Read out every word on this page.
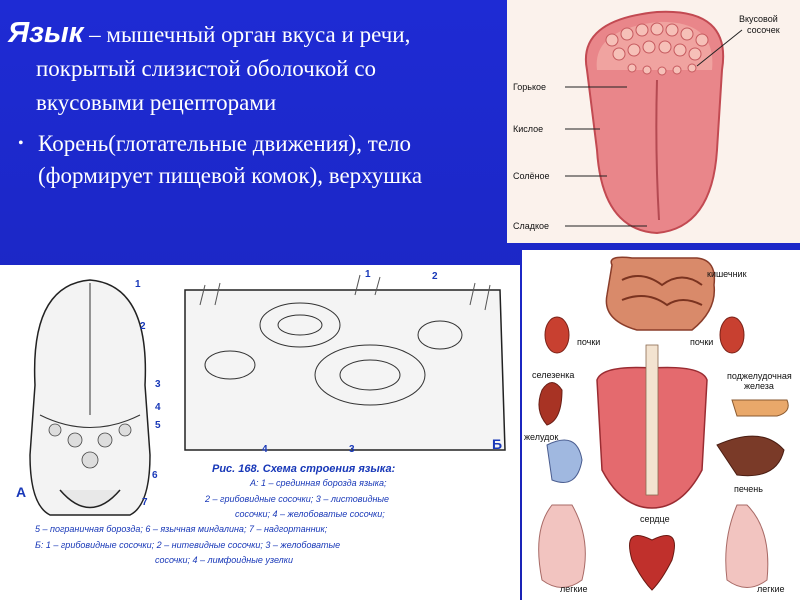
Язык – мышечный орган вкуса и речи,
покрытый слизистой оболочкой со
вкусовыми рецепторами
• Корень(глотательные движения), тело
(формирует пищевой комок), верхушка
Вкусовой
сосочек
Горькое
Кислое
Солёное
Сладкое
1
2
3
4
5
6
7
А
1	2
4	3	Б
Рис. 168. Схема строения языка:
А: 1 – срединная борозда языка;
2 – грибовидные сосочки; 3 – листовидные
сосочки; 4 – желобоватые сосочки;
5 – пограничная борозда; 6 – язычная миндалина; 7 – надгортанник;
Б: 1 – грибовидные сосочки; 2 – нитевидные сосочки; 3 – желобоватые
сосочки; 4 – лимфоидные узелки
кишечник
почки	почки
селезенка	поджелудочная
железа
желудок
печень
сердце
легкие	легкие
